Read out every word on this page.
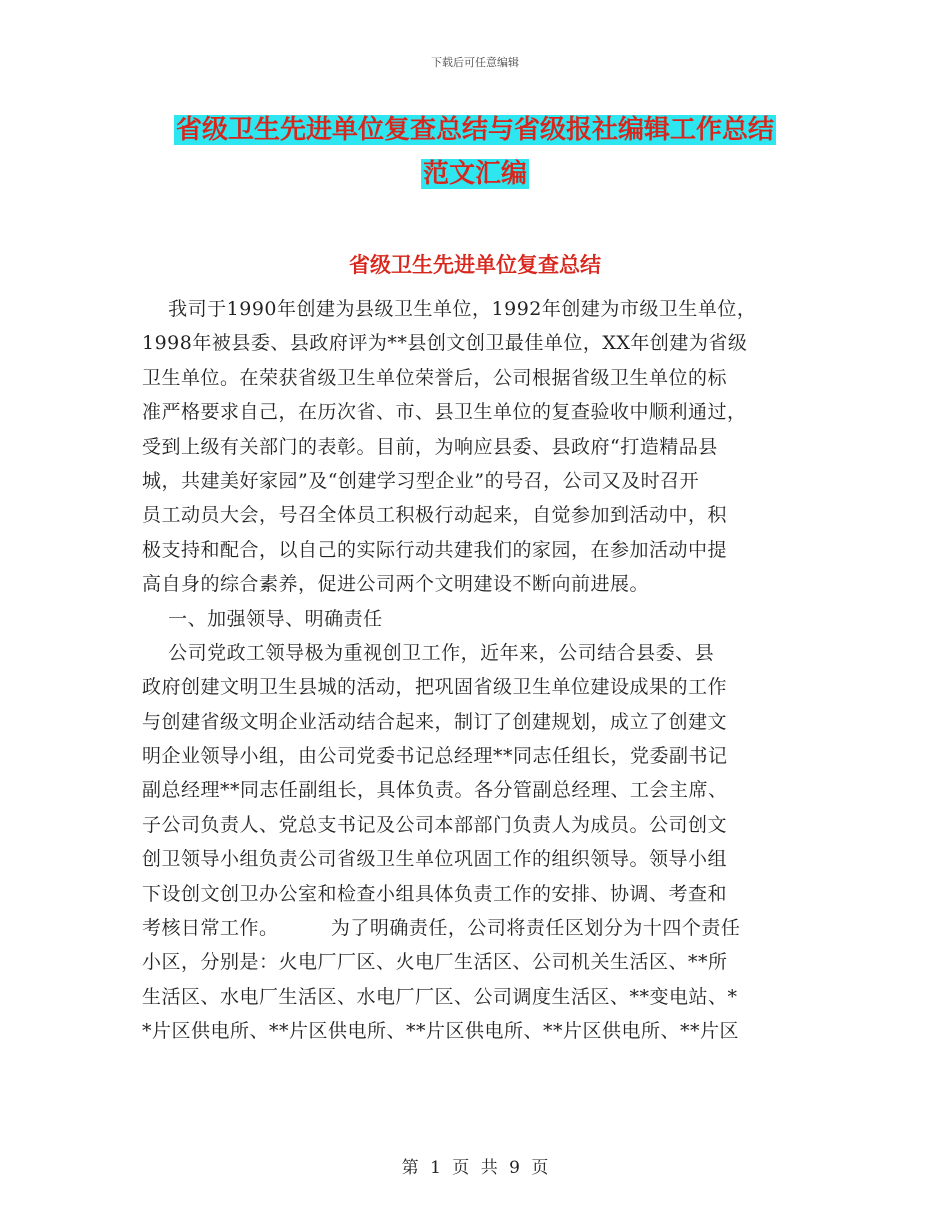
下载后可任意编辑
省级卫生先进单位复查总结与省级报社编辑工作总结
范文汇编
省级卫生先进单位复查总结
我司于1990年创建为县级卫生单位，1992年创建为市级卫生单位，
1998年被县委、县政府评为**县创文创卫最佳单位，XX年创建为省级
卫生单位。在荣获省级卫生单位荣誉后，公司根据省级卫生单位的标
准严格要求自己，在历次省、市、县卫生单位的复查验收中顺利通过，
受到上级有关部门的表彰。目前，为响应县委、县政府“打造精品县
城，共建美好家园”及“创建学习型企业”的号召，公司又及时召开
员工动员大会，号召全体员工积极行动起来，自觉参加到活动中，积
极支持和配合，以自己的实际行动共建我们的家园，在参加活动中提
高自身的综合素养，促进公司两个文明建设不断向前进展。
一、加强领导、明确责任
公司党政工领导极为重视创卫工作，近年来，公司结合县委、县
政府创建文明卫生县城的活动，把巩固省级卫生单位建设成果的工作
与创建省级文明企业活动结合起来，制订了创建规划，成立了创建文
明企业领导小组，由公司党委书记总经理**同志任组长，党委副书记
副总经理**同志任副组长，具体负责。各分管副总经理、工会主席、
子公司负责人、党总支书记及公司本部部门负责人为成员。公司创文
创卫领导小组负责公司省级卫生单位巩固工作的组织领导。领导小组
下设创文创卫办公室和检查小组具体负责工作的安排、协调、考查和
考核日常工作。        为了明确责任，公司将责任区划分为十四个责任
小区，分别是：火电厂厂区、火电厂生活区、公司机关生活区、**所
生活区、水电厂生活区、水电厂厂区、公司调度生活区、**变电站、*
*片区供电所、**片区供电所、**片区供电所、**片区供电所、**片区
第 1 页 共 9 页
